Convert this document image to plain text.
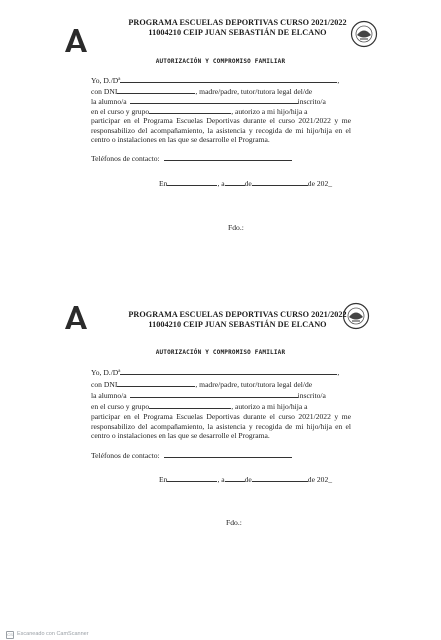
PROGRAMA ESCUELAS DEPORTIVAS CURSO 2021/2022
11004210 CEIP JUAN SEBASTIÁN DE ELCANO
AUTORIZACIÓN Y COMPROMISO FAMILIAR
Yo, D./Dª	,
con DNI	, madre/padre, tutor/tutora legal del/de
la alumno/a	inscrito/a
en el curso y grupo	, autorizo a mi hijo/hija a
participar en el Programa Escuelas Deportivas durante el curso 2021/2022 y me responsabilizo del acompañamiento, la asistencia y recogida de mi hijo/hija en el centro o instalaciones en las que se desarrolle el Programa.
Teléfonos de contacto:
En	, a	de	de 202_
Fdo.:
PROGRAMA ESCUELAS DEPORTIVAS CURSO 2021/2022
11004210 CEIP JUAN SEBASTIÁN DE ELCANO
AUTORIZACIÓN Y COMPROMISO FAMILIAR
Yo, D./Dª	,
con DNI	, madre/padre, tutor/tutora legal del/de
la alumno/a	inscrito/a
en el curso y grupo	, autorizo a mi hijo/hija a
participar en el Programa Escuelas Deportivas durante el curso 2021/2022 y me responsabilizo del acompañamiento, la asistencia y recogida de mi hijo/hija en el centro o instalaciones en las que se desarrolle el Programa.
Teléfonos de contacto:
En	, a	de	de 202_
Fdo.:
CS Escaneado con CamScanner
